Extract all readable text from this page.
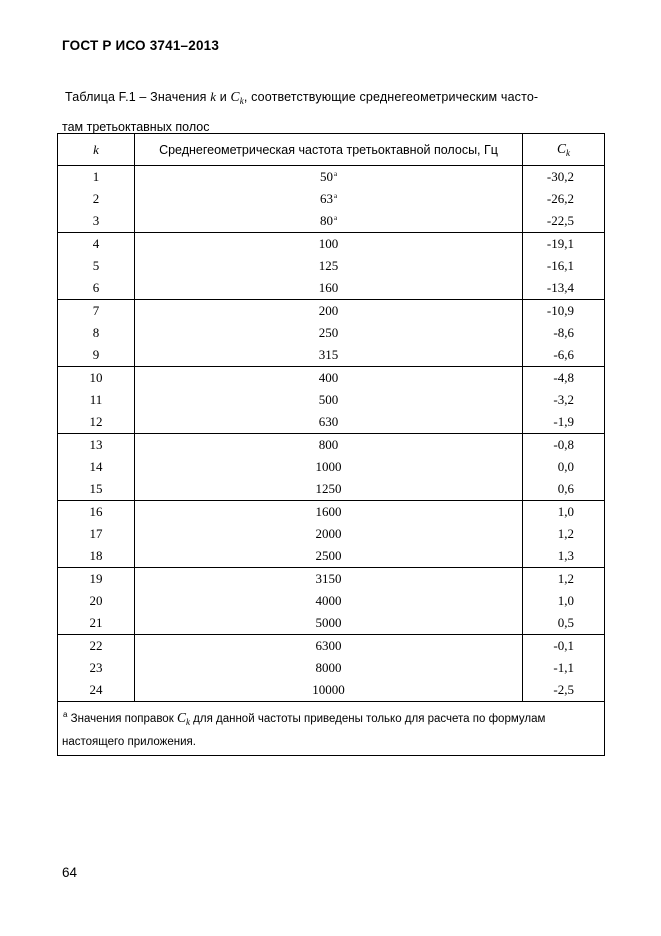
ГОСТ Р ИСО 3741–2013
Таблица F.1 – Значения k и $C_k$, соответствующие среднегеометрическим часто-
там третьоктавных полос
k	Среднегеометрическая частота третьоктавной полосы, Гц	$C_k$
1	50$^a$	-30,2
2	63$^a$	-26,2
3	80$^a$	-22,5
4	100	-19,1
5	125	-16,1
6	160	-13,4
7	200	-10,9
8	250	-8,6
9	315	-6,6
10	400	-4,8
11	500	-3,2
12	630	-1,9
13	800	-0,8
14	1000	0,0
15	1250	0,6
16	1600	1,0
17	2000	1,2
18	2500	1,3
19	3150	1,2
20	4000	1,0
21	5000	0,5
22	6300	-0,1
23	8000	-1,1
24	10000	-2,5
$^a$ Значения поправок $C_k$ для данной частоты приведены только для расчета по формулам настоящего приложения.		
64
